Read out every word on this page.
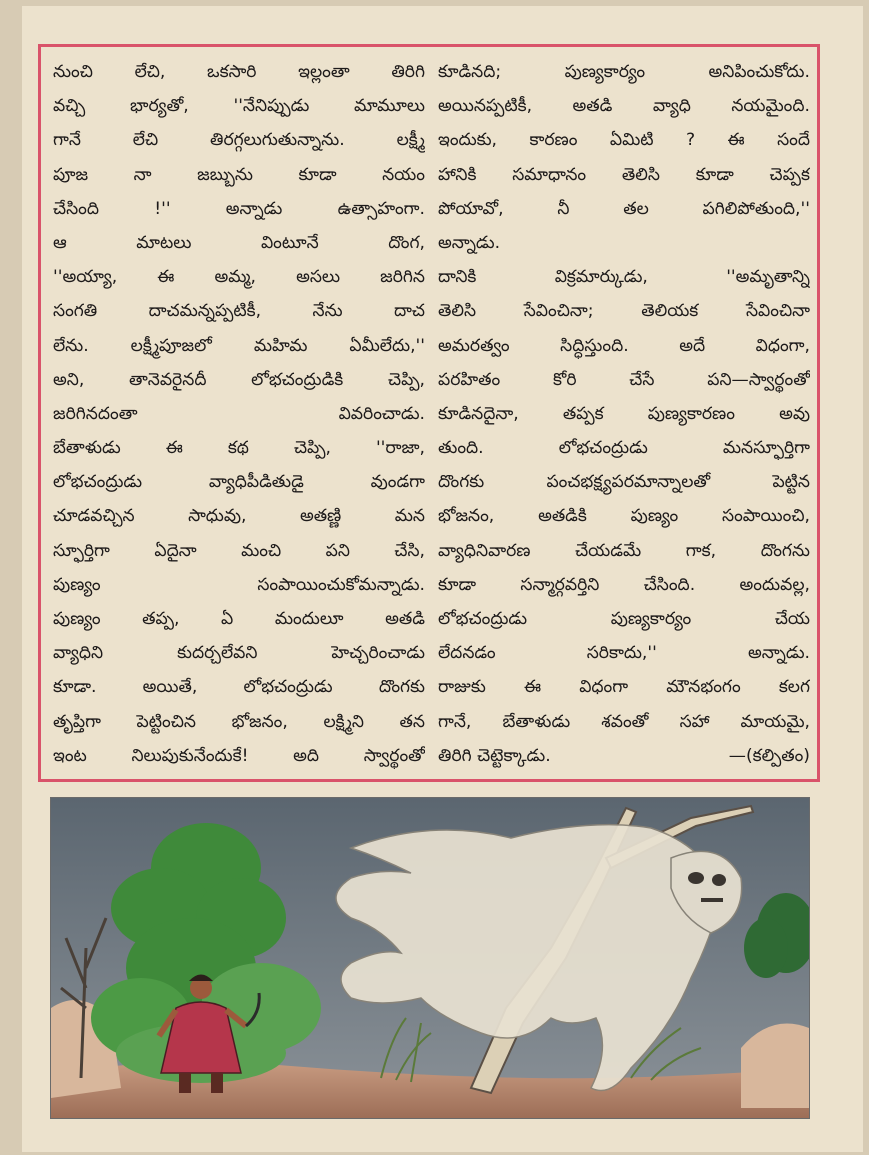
నుంచి లేచి, ఒకసారి ఇల్లంతా తిరిగి
వచ్చి	భార్యతో,	''నేనిప్పుడు	మామూలు
గానే	లేచి	తిరగ్గలుగుతున్నాను.	లక్ష్మీ
పూజ	నా	జబ్బును	కూడా	నయం
చేసింది	!''	అన్నాడు	ఉత్సాహంగా.
ఆ	మాటలు	వింటూనే	దొంగ,
''అయ్యా, ఈ అమ్మ, అసలు జరిగిన
సంగతి	దాచమన్నప్పటికీ,	నేను	దాచ
లేను. లక్ష్మీపూజలో మహిమ ఏమీలేదు,''
అని,	తానెవరైనదీ	లోభచంద్రుడికి	చెప్పి,
జరిగినదంతా	వివరించాడు.
బేతాళుడు	ఈ	కథ	చెప్పి,	''రాజా,
లోభచంద్రుడు	వ్యాధిపీడితుడై	వుండగా
చూడవచ్చిన	సాధువు,	అతణ్ణి	మన
స్ఫూర్తిగా	ఏదైనా	మంచి	పని	చేసి,
పుణ్యం	సంపాయించుకోమన్నాడు.
పుణ్యం తప్ప, ఏ మందులూ అతడి
వ్యాధిని	కుదర్చలేవని	హెచ్చరించాడు
కూడా.	అయితే,	లోభచంద్రుడు	దొంగకు
తృప్తిగా పెట్టించిన భోజనం, లక్ష్మిని తన
ఇంట	నిలుపుకునేందుకే!	అది	స్వార్థంతో
కూడినది;	పుణ్యకార్యం	అనిపించుకోదు.
అయినప్పటికీ, అతడి వ్యాధి నయమైంది.
ఇందుకు, కారణం ఏమిటి ? ఈ సందే
హానికి సమాధానం తెలిసి కూడా చెప్పక
పోయావో,	నీ	తల	పగిలిపోతుంది,''
అన్నాడు.
దానికి	విక్రమార్కుడు,	''అమృతాన్ని
తెలిసి	సేవించినా;	తెలియక	సేవించినా
అమరత్వం	సిద్ధిస్తుంది.	అదే	విధంగా,
పరహితం	కోరి	చేసే	పని—స్వార్థంతో
కూడినదైనా,	తప్పక	పుణ్యకారణం	అవు
తుంది.	లోభచంద్రుడు	మనస్ఫూర్తిగా
దొంగకు	పంచభక్ష్యపరమాన్నాలతో	పెట్టిన
భోజనం,	అతడికి	పుణ్యం	సంపాయించి,
వ్యాధినివారణ	చేయడమే	గాక,	దొంగను
కూడా	సన్మార్గవర్తిని	చేసింది.	అందువల్ల,
లోభచంద్రుడు	పుణ్యకార్యం	చేయ
లేదనడం	సరికాదు,''	అన్నాడు.
రాజుకు ఈ విధంగా మౌనభంగం కలగ
గానే, బేతాళుడు శవంతో సహా మాయమై,
తిరిగి చెట్టెక్కాడు.	—(కల్పితం)
